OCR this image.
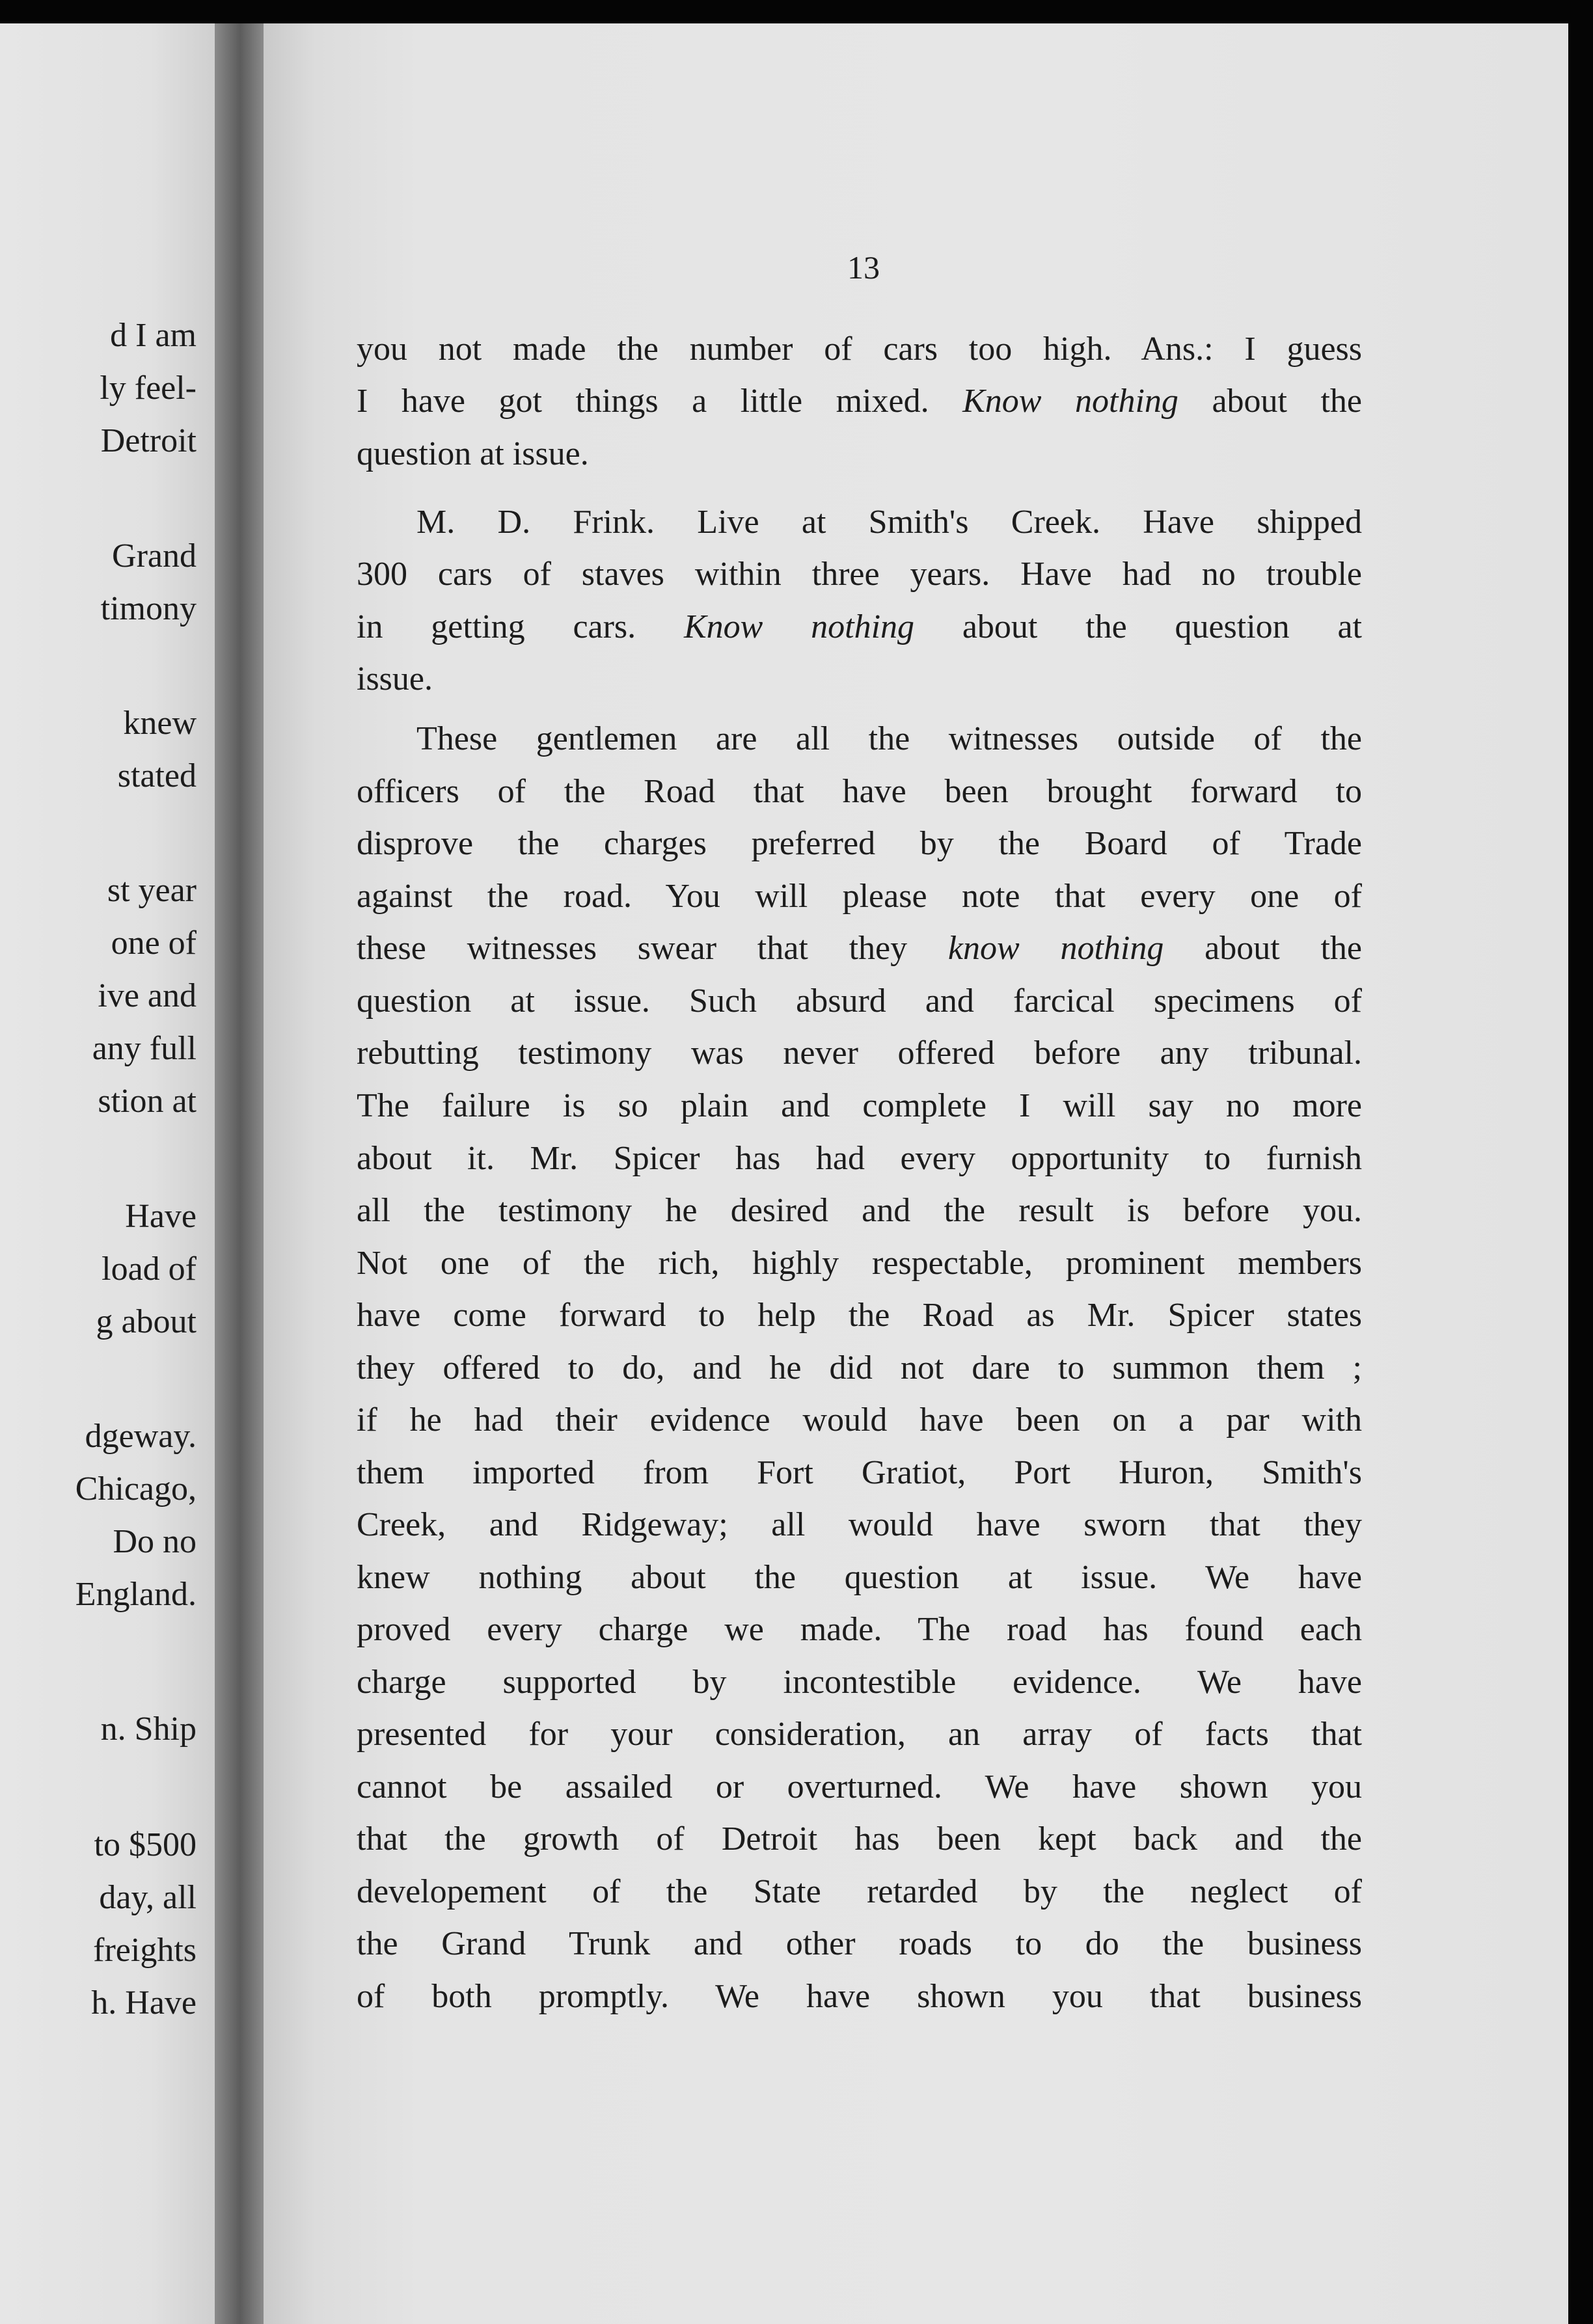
d I am
ly feel-
Detroit
Grand
timony
knew
stated
st year
one of
ive and
any full
stion at
Have
load of
g about
dgeway.
Chicago,
Do no
England.
n. Ship
to $500
day, all
freights
h. Have
13
you not made the number of cars too high. Ans.: I guess
I have got things a little mixed. Know nothing about the
question at issue.
M. D. Frink. Live at Smith's Creek. Have shipped
300 cars of staves within three years. Have had no trouble
in getting cars. Know nothing about the question at
issue.
These gentlemen are all the witnesses outside of the
officers of the Road that have been brought forward to
disprove the charges preferred by the Board of Trade
against the road. You will please note that every one of
these witnesses swear that they know nothing about the
question at issue. Such absurd and farcical specimens of
rebutting testimony was never offered before any tribunal.
The failure is so plain and complete I will say no more
about it. Mr. Spicer has had every opportunity to furnish
all the testimony he desired and the result is before you.
Not one of the rich, highly respectable, prominent members
have come forward to help the Road as Mr. Spicer states
they offered to do, and he did not dare to summon them ;
if he had their evidence would have been on a par with
them imported from Fort Gratiot, Port Huron, Smith's
Creek, and Ridgeway; all would have sworn that they
knew nothing about the question at issue. We have
proved every charge we made. The road has found each
charge supported by incontestible evidence. We have
presented for your consideration, an array of facts that
cannot be assailed or overturned. We have shown you
that the growth of Detroit has been kept back and the
developement of the State retarded by the neglect of
the Grand Trunk and other roads to do the business
of both promptly. We have shown you that business
